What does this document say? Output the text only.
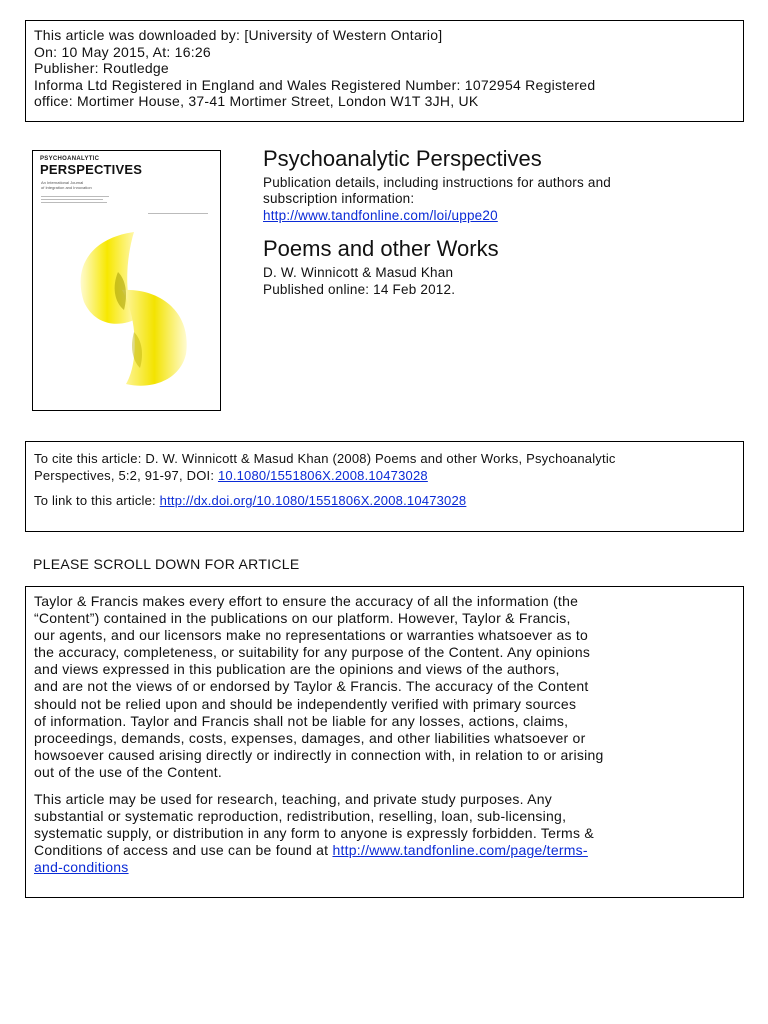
This article was downloaded by: [University of Western Ontario]
On: 10 May 2015, At: 16:26
Publisher: Routledge
Informa Ltd Registered in England and Wales Registered Number: 1072954 Registered
office: Mortimer House, 37-41 Mortimer Street, London W1T 3JH, UK
PSYCHOANALYTIC
PERSPECTIVES
An International Journal
of Integration and Innovation
Psychoanalytic Perspectives
Publication details, including instructions for authors and
subscription information:
http://www.tandfonline.com/loi/uppe20
Poems and other Works
D. W. Winnicott & Masud Khan
Published online: 14 Feb 2012.
To cite this article: D. W. Winnicott & Masud Khan (2008) Poems and other Works, Psychoanalytic
Perspectives, 5:2, 91-97, DOI: 10.1080/1551806X.2008.10473028
To link to this article: http://dx.doi.org/10.1080/1551806X.2008.10473028
PLEASE SCROLL DOWN FOR ARTICLE
Taylor & Francis makes every effort to ensure the accuracy of all the information (the
“Content”) contained in the publications on our platform. However, Taylor & Francis,
our agents, and our licensors make no representations or warranties whatsoever as to
the accuracy, completeness, or suitability for any purpose of the Content. Any opinions
and views expressed in this publication are the opinions and views of the authors,
and are not the views of or endorsed by Taylor & Francis. The accuracy of the Content
should not be relied upon and should be independently verified with primary sources
of information. Taylor and Francis shall not be liable for any losses, actions, claims,
proceedings, demands, costs, expenses, damages, and other liabilities whatsoever or
howsoever caused arising directly or indirectly in connection with, in relation to or arising
out of the use of the Content.
This article may be used for research, teaching, and private study purposes. Any
substantial or systematic reproduction, redistribution, reselling, loan, sub-licensing,
systematic supply, or distribution in any form to anyone is expressly forbidden. Terms &
Conditions of access and use can be found at http://www.tandfonline.com/page/terms-
and-conditions
